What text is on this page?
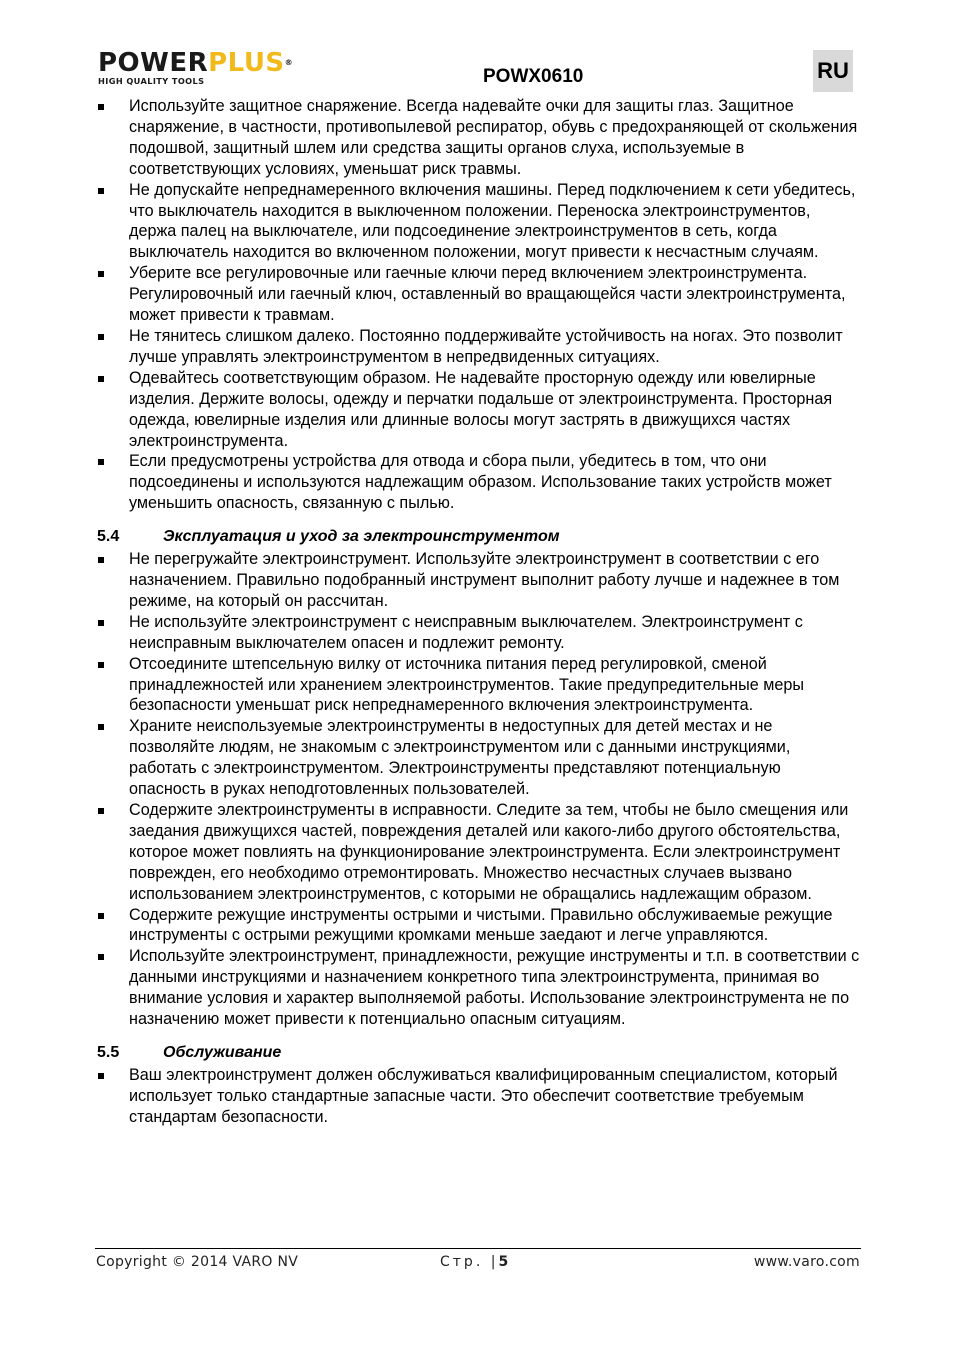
POWERPLUS®
HIGH QUALITY TOOLS	POWX0610	RU
Используйте защитное снаряжение. Всегда надевайте очки для защиты глаз. Защитное снаряжение, в частности, противопылевой респиратор, обувь с предохраняющей от скольжения подошвой, защитный шлем или средства защиты органов слуха, используемые в соответствующих условиях, уменьшат риск травмы.
Не допускайте непреднамеренного включения машины. Перед подключением к сети убедитесь, что выключатель находится в выключенном положении. Переноска электроинструментов, держа палец на выключателе, или подсоединение электроинструментов в сеть, когда выключатель находится во включенном положении, могут привести к несчастным случаям.
Уберите все регулировочные или гаечные ключи перед включением электроинструмента. Регулировочный или гаечный ключ, оставленный во вращающейся части электроинструмента, может привести к травмам.
Не тянитесь слишком далеко. Постоянно поддерживайте устойчивость на ногах. Это позволит лучше управлять электроинструментом в непредвиденных ситуациях.
Одевайтесь соответствующим образом. Не надевайте просторную одежду или ювелирные изделия. Держите волосы, одежду и перчатки подальше от электроинструмента. Просторная одежда, ювелирные изделия или длинные волосы могут застрять в движущихся частях электроинструмента.
Если предусмотрены устройства для отвода и сбора пыли, убедитесь в том, что они подсоединены и используются надлежащим образом. Использование таких устройств может уменьшить опасность, связанную с пылью.
5.4	Эксплуатация и уход за электроинструментом
Не перегружайте электроинструмент. Используйте электроинструмент в соответствии с его назначением. Правильно подобранный инструмент выполнит работу лучше и надежнее в том режиме, на который он рассчитан.
Не используйте электроинструмент с неисправным выключателем. Электроинструмент с неисправным выключателем опасен и подлежит ремонту.
Отсоедините штепсельную вилку от источника питания перед регулировкой, сменой принадлежностей или хранением электроинструментов. Такие предупредительные меры безопасности уменьшат риск непреднамеренного включения электроинструмента.
Храните неиспользуемые электроинструменты в недоступных для детей местах и не позволяйте людям, не знакомым с электроинструментом или с данными инструкциями, работать с электроинструментом. Электроинструменты представляют потенциальную опасность в руках неподготовленных пользователей.
Содержите электроинструменты в исправности. Следите за тем, чтобы не было смещения или заедания движущихся частей, повреждения деталей или какого-либо другого обстоятельства, которое может повлиять на функционирование электроинструмента. Если электроинструмент поврежден, его необходимо отремонтировать. Множество несчастных случаев вызвано использованием электроинструментов, с которыми не обращались надлежащим образом.
Содержите режущие инструменты острыми и чистыми. Правильно обслуживаемые режущие инструменты с острыми режущими кромками меньше заедают и легче управляются.
Используйте электроинструмент, принадлежности, режущие инструменты и т.п. в соответствии с данными инструкциями и назначением конкретного типа электроинструмента, принимая во внимание условия и характер выполняемой работы. Использование электроинструмента не по назначению может привести к потенциально опасным ситуациям.
5.5	Обслуживание
Ваш электроинструмент должен обслуживаться квалифицированным специалистом, который использует только стандартные запасные части. Это обеспечит соответствие требуемым стандартам безопасности.
Copyright © 2014 VARO NV	Стр. |5	www.varo.com
